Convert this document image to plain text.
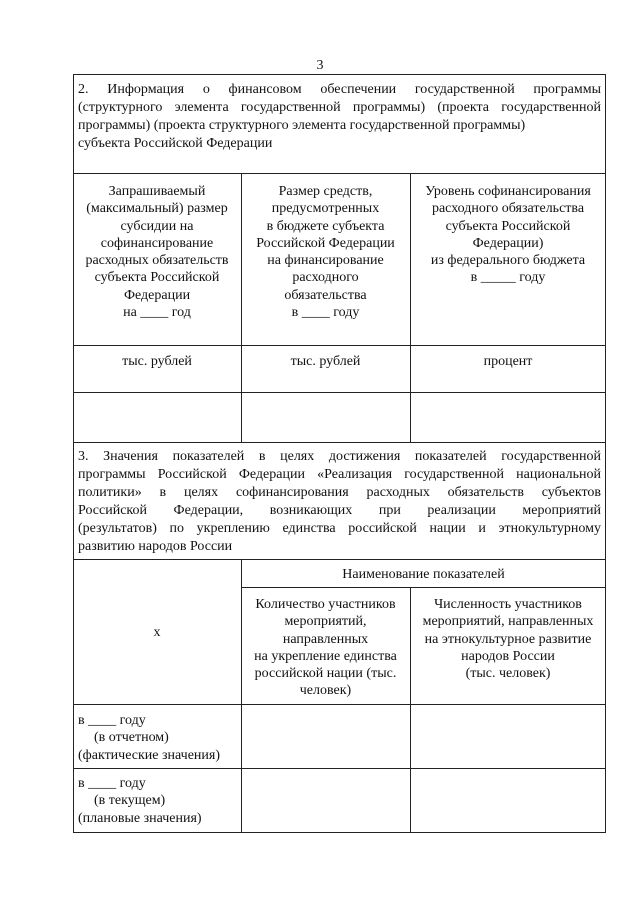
3
2. Информация о финансовом обеспечении государственной программы
(структурного элемента государственной программы) (проекта государственной
программы) (проекта структурного элемента государственной программы)
субъекта Российской Федерации
Запрашиваемый
(максимальный) размер
субсидии на
софинансирование
расходных обязательств
субъекта Российской
Федерации
на ____ год
Размер средств,
предусмотренных
в бюджете субъекта
Российской Федерации
на финансирование
расходного
обязательства
в ____ году
Уровень софинансирования
расходного обязательства
субъекта Российской
Федерации)
из федерального бюджета
в _____ году
тыс. рублей	тыс. рублей	процент
3. Значения показателей в целях достижения показателей государственной
программы Российской Федерации «Реализация государственной национальной
политики» в целях софинансирования расходных обязательств субъектов
Российской Федерации, возникающих при реализации мероприятий
(результатов) по укреплению единства российской нации и этнокультурному
развитию народов России
х
Наименование показателей
Количество участников
мероприятий,
направленных
на укрепление единства
российской нации (тыс.
человек)
Численность участников
мероприятий, направленных
на этнокультурное развитие
народов России
(тыс. человек)
в ____ году
(в отчетном)
(фактические значения)
в ____ году
(в текущем)
(плановые значения)
